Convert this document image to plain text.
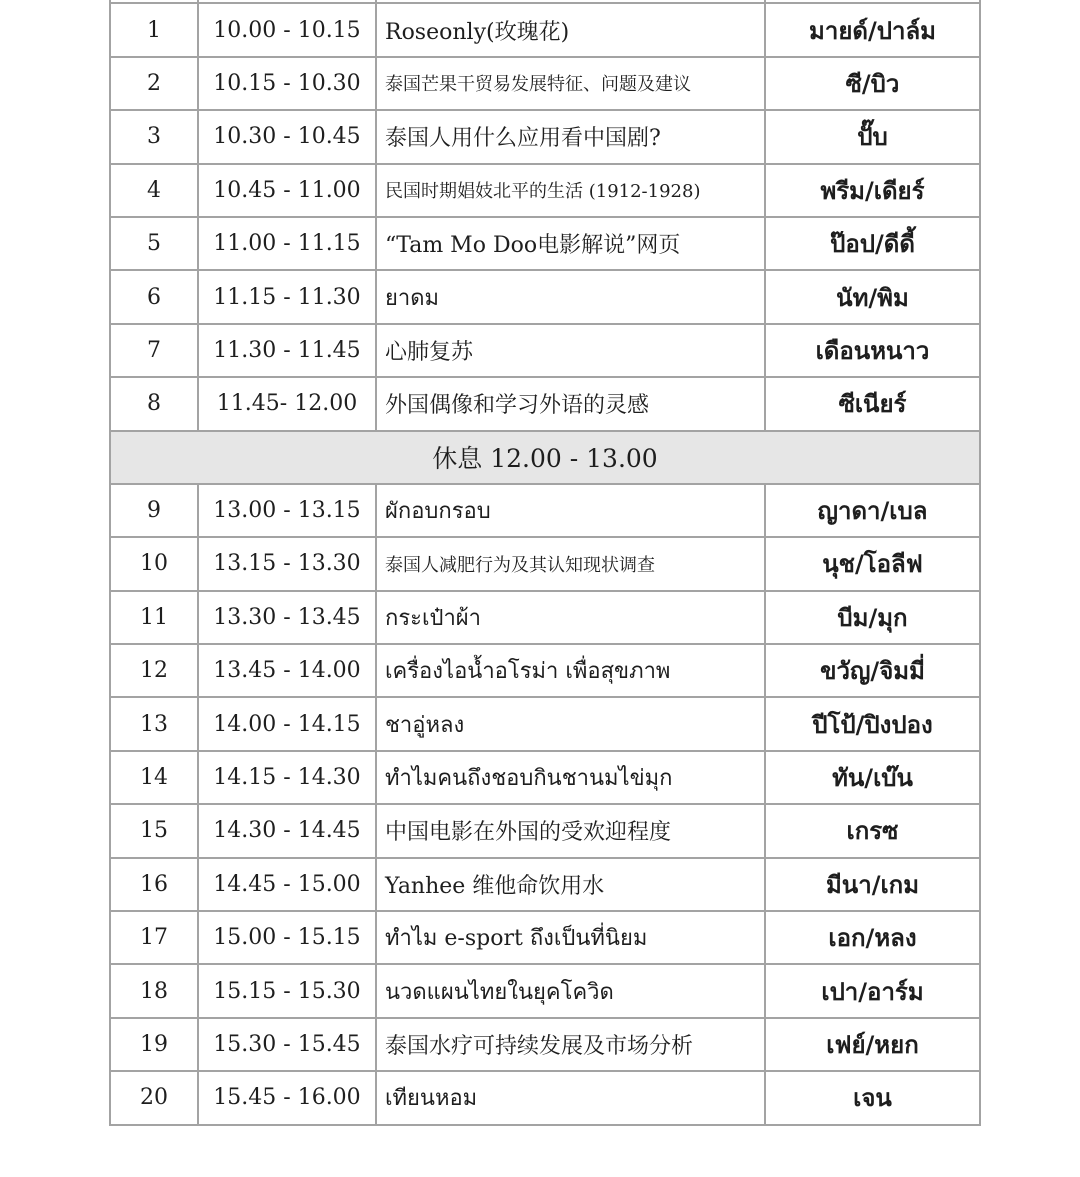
1	10.00 - 10.15	Roseonly(玫瑰花)	มายด์/ปาล์ม
2	10.15 - 10.30	泰国芒果干贸易发展特征、问题及建议	ซี/บิว
3	10.30 - 10.45	泰国人用什么应用看中国剧?	ปั๊บ
4	10.45 - 11.00	民国时期娼妓北平的生活 (1912-1928)	พรีม/เดียร์
5	11.00 - 11.15	“Tam Mo Doo电影解说”网页	ป๊อป/ดีดี้
6	11.15 - 11.30	ยาดม	นัท/พิม
7	11.30 - 11.45	心肺复苏	เดือนหนาว
8	11.45- 12.00	外国偶像和学习外语的灵感	ซีเนียร์
休息 12.00 - 13.00			
9	13.00 - 13.15	ผักอบกรอบ	ญาดา/เบล
10	13.15 - 13.30	泰国人减肥行为及其认知现状调查	นุช/โอลีฟ
11	13.30 - 13.45	กระเป๋าผ้า	บีม/มุก
12	13.45 - 14.00	เครื่องไอน้ำอโรม่า เพื่อสุขภาพ	ขวัญ/จิมมี่
13	14.00 - 14.15	ชาอู่หลง	ปีโป้/ปิงปอง
14	14.15 - 14.30	ทำไมคนถึงชอบกินชานมไข่มุก	ทัน/เบ๊น
15	14.30 - 14.45	中国电影在外国的受欢迎程度	เกรซ
16	14.45 - 15.00	Yanhee 维他命饮用水	มีนา/เกม
17	15.00 - 15.15	ทำไม e-sport ถึงเป็นที่นิยม	เอก/หลง
18	15.15 - 15.30	นวดแผนไทยในยุคโควิด	เปา/อาร์ม
19	15.30 - 15.45	泰国水疗可持续发展及市场分析	เฟย์/หยก
20	15.45 - 16.00	เทียนหอม	เจน
